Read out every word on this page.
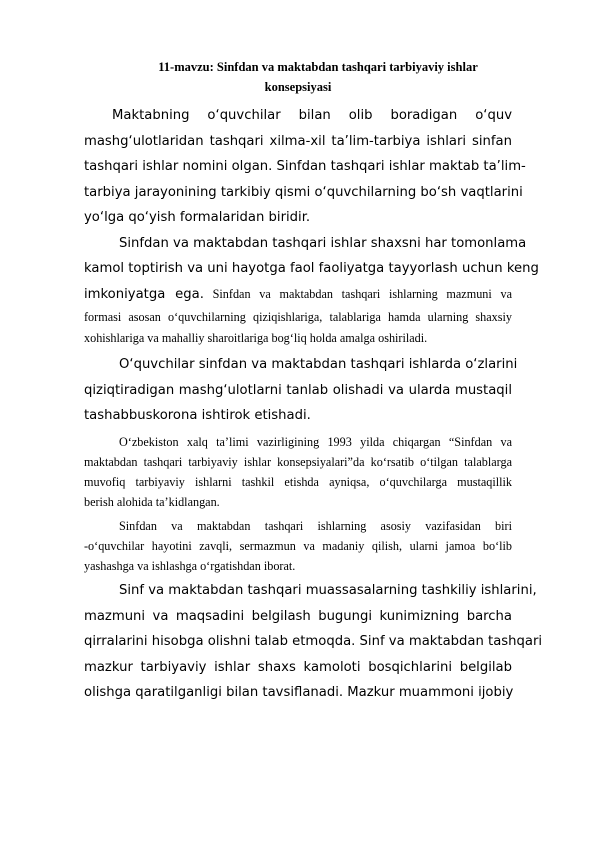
11-mavzu: Sinfdan va maktabdan tashqari tarbiyaviy ishlar
konsepsiyasi

Maktabning o‘quvchilar bilan olib boradigan o‘quv

mashg‘ulotlaridan tashqari xilma-xil ta’lim-tarbiya ishlari sinfan

tashqari ishlar nomini olgan. Sinfdan tashqari ishlar maktab ta’lim-

tarbiya jarayonining tarkibiy qismi o‘quvchilarning bo‘sh vaqtlarini

yo‘lga qo‘yish formalaridan biridir.

Sinfdan va maktabdan tashqari ishlar shaxsni har tomonlama

kamol toptirish va uni hayotga faol faoliyatga tayyorlash uchun keng

imkoniyatga ega. Sinfdan va maktabdan tashqari ishlarning mazmuni va

formasi asosan o‘quvchilarning qiziqishlariga, talablariga hamda ularning shaxsiy

xohishlariga va mahalliy sharoitlariga bog‘liq holda amalga oshiriladi.

O‘quvchilar sinfdan va maktabdan tashqari ishlarda o‘zlarini

qiziqtiradigan mashg‘ulotlarni tanlab olishadi va ularda mustaqil

tashabbuskorona ishtirok etishadi.

O‘zbekiston xalq ta’limi vazirligining 1993 yilda chiqargan “Sinfdan va

maktabdan tashqari tarbiyaviy ishlar konsepsiyalari”da ko‘rsatib o‘tilgan talablarga

muvofiq tarbiyaviy ishlarni tashkil etishda ayniqsa, o‘quvchilarga mustaqillik

berish alohida ta’kidlangan.

Sinfdan va maktabdan tashqari ishlarning asosiy vazifasidan biri

-o‘quvchilar hayotini zavqli, sermazmun va madaniy qilish, ularni jamoa bo‘lib

yashashga va ishlashga o‘rgatishdan iborat.

Sinf va maktabdan tashqari muassasalarning tashkiliy ishlarini,

mazmuni va maqsadini belgilash bugungi kunimizning barcha

qirralarini hisobga olishni talab etmoqda. Sinf va maktabdan tashqari

mazkur tarbiyaviy ishlar shaxs kamoloti bosqichlarini belgilab

olishga qaratilganligi bilan tavsiflanadi. Mazkur muammoni ijobiy
